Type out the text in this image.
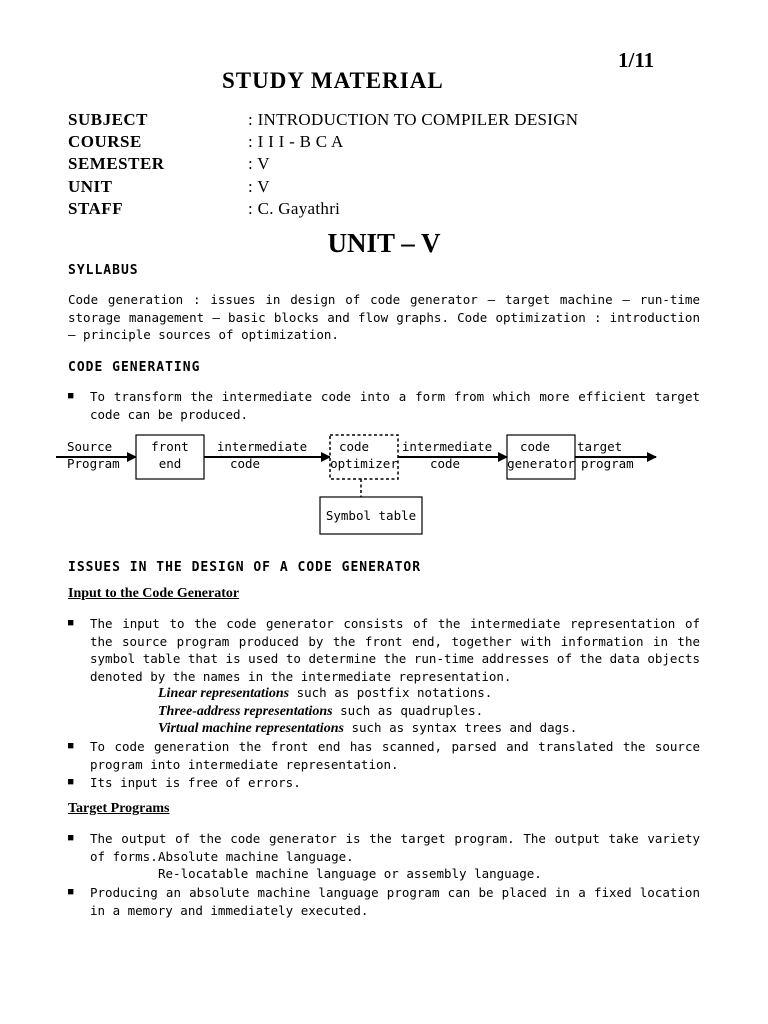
1/11
STUDY MATERIAL
SUBJECT	: INTRODUCTION TO COMPILER DESIGN
COURSE	: I I I - B C A
SEMESTER	: V
UNIT	: V
STAFF	: C. Gayathri
UNIT – V
SYLLABUS

Code generation : issues in design of code generator – target machine – run-time storage management – basic blocks and flow graphs. Code optimization : introduction – principle sources of optimization.

CODE GENERATING
■ To transform the intermediate code into a form from which more efficient target code can be produced.
Source
Program
front
end
intermediate
code
code
optimizer
intermediate
code
code
generator
target
program
Symbol table
ISSUES IN THE DESIGN OF A CODE GENERATOR
Input to the Code Generator
■ The input to the code generator consists of the intermediate representation of the source program produced by the front end, together with information in the symbol table that is used to determine the run-time addresses of the data objects denoted by the names in the intermediate representation.
Linear representations such as postfix notations.
Three-address representations such as quadruples.
Virtual machine representations such as syntax trees and dags.
■ To code generation the front end has scanned, parsed and translated the source program into intermediate representation.
■ Its input is free of errors.
Target Programs
■ The output of the code generator is the target program. The output take variety of forms. Absolute machine language.
Re-locatable machine language or assembly language.
■ Producing an absolute machine language program can be placed in a fixed location in a memory and immediately executed.
